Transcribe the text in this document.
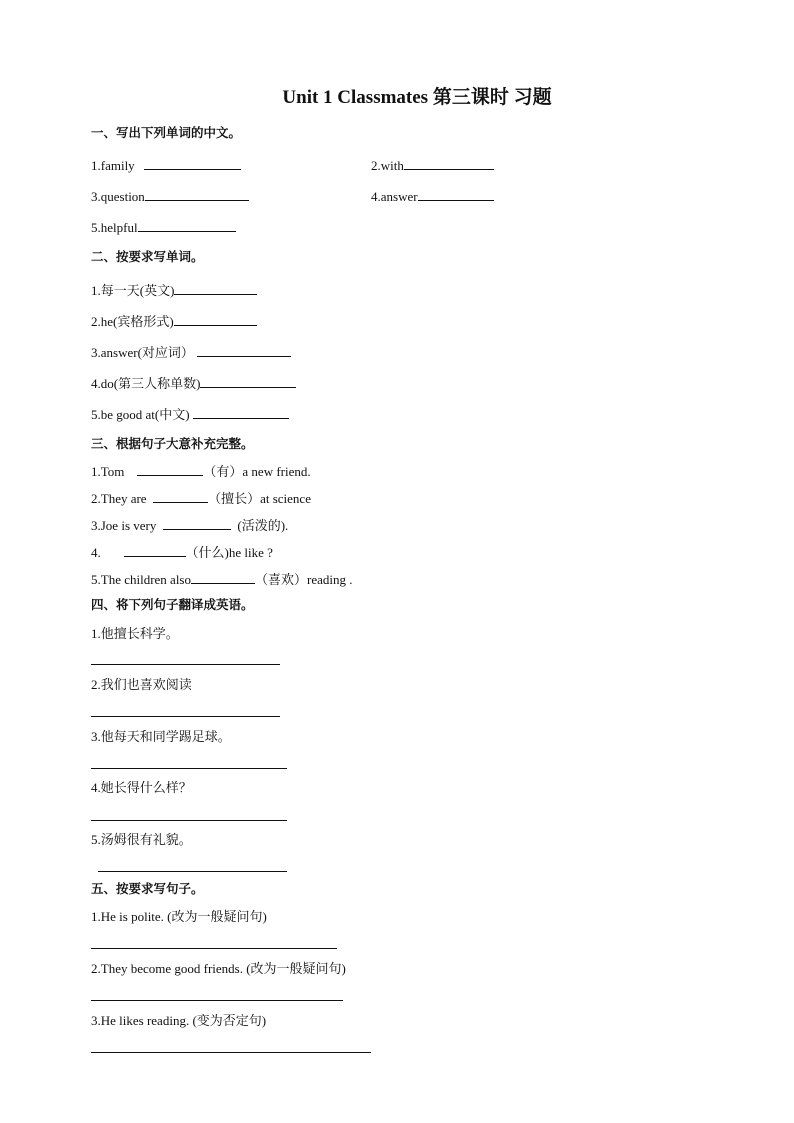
Unit 1 Classmates 第三课时 习题
一、写出下列单词的中文。
1.family	2.with
3.question	4.answer
5.helpful
二、按要求写单词。
1.每一天(英文)
2.he(宾格形式)
3.answer(对应词）
4.do(第三人称单数)
5.be good at(中文)
三、根据句子大意补充完整。
1.Tom	（有）a new friend.
2.They are	（擅长）at science
3.Joe is very	(活泼的).
4.	（什么)he like ?
5.The children also	（喜欢）reading .
四、将下列句子翻译成英语。
1.他擅长科学。
2.我们也喜欢阅读
3.他每天和同学踢足球。
4.她长得什么样？
5.汤姆很有礼貌。
五、按要求写句子。
1.He is polite. (改为一般疑问句)
2.They become good friends. (改为一般疑问句)
3.He likes reading. (变为否定句)
